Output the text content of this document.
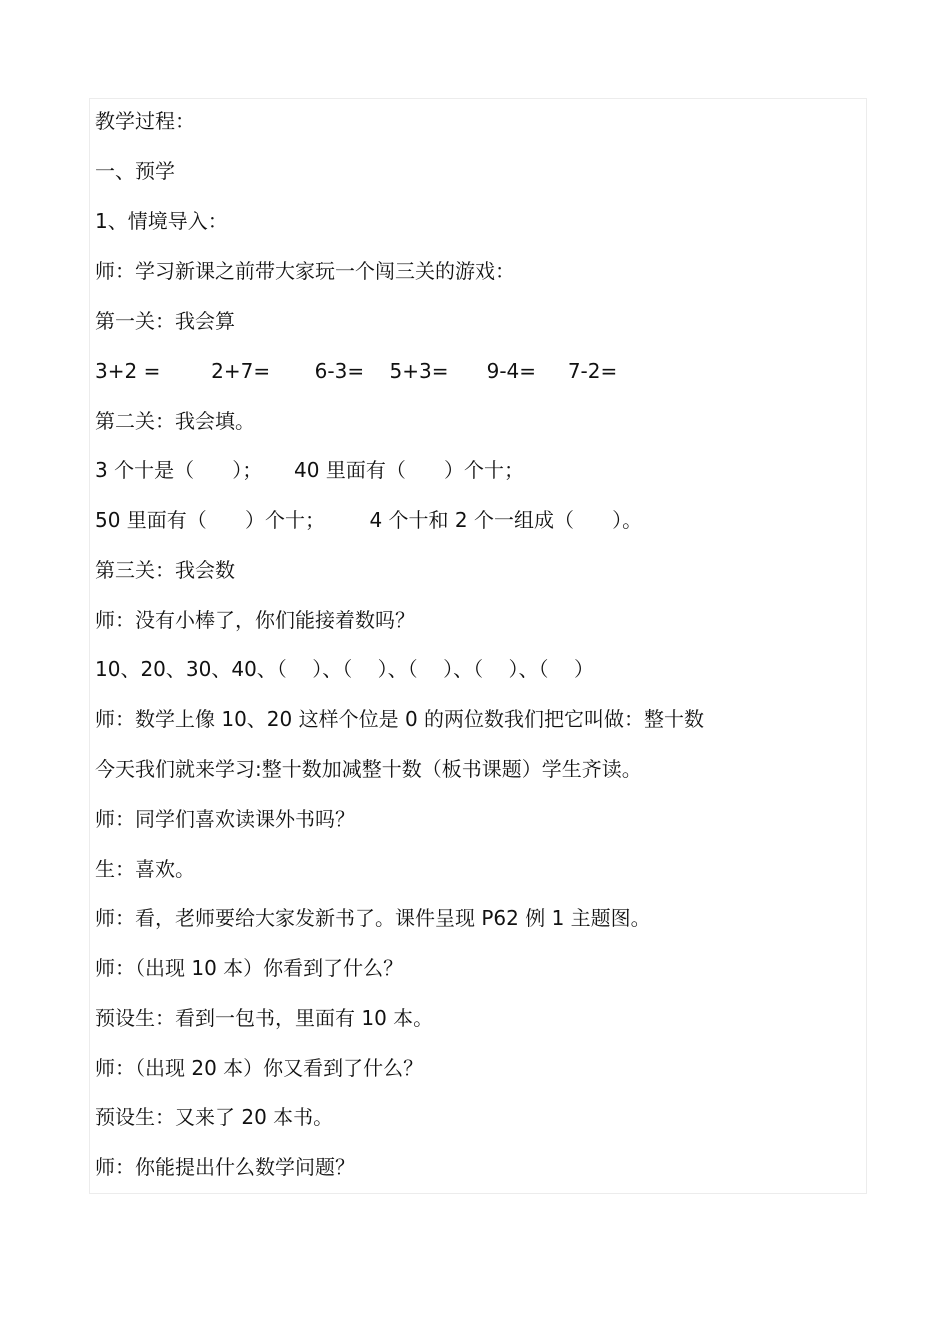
教学过程：
一、预学
1、情境导入：
师：学习新课之前带大家玩一个闯三关的游戏：
第一关：我会算
3+2 =        2+7=       6-3=    5+3=      9-4=     7-2=
第二关：我会填。
3 个十是（      ）；     40 里面有（      ）个十；
50 里面有（      ）个十；       4 个十和 2 个一组成（      ）。
第三关：我会数
师：没有小棒了，你们能接着数吗？
10、20、30、40、（    ）、（    ）、（    ）、（    ）、（    ）
师：数学上像 10、20 这样个位是 0 的两位数我们把它叫做：整十数
今天我们就来学习:整十数加减整十数（板书课题）学生齐读。
师：同学们喜欢读课外书吗？
生：喜欢。
师：看，老师要给大家发新书了。课件呈现 P62 例 1 主题图。
师：（出现 10 本）你看到了什么？
预设生：看到一包书，里面有 10 本。
师：（出现 20 本）你又看到了什么？
预设生：又来了 20 本书。
师：你能提出什么数学问题？
